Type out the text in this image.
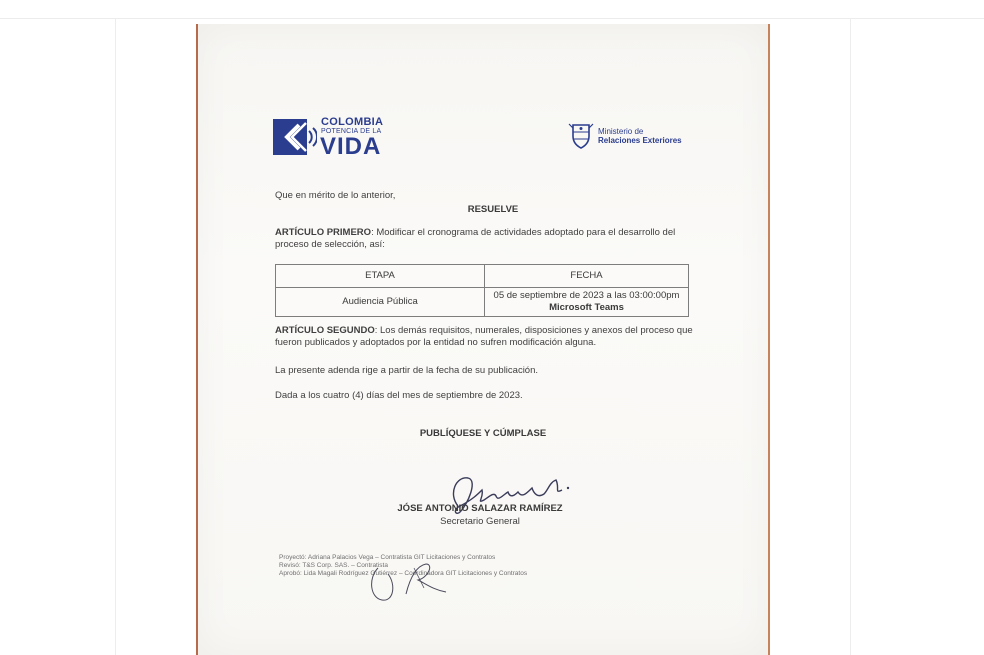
COLOMBIA
POTENCIA DE LA
VIDA
Ministerio de
Relaciones Exteriores
Que en mérito de lo anterior,
RESUELVE
ARTÍCULO PRIMERO: Modificar el cronograma de actividades adoptado para el desarrollo del
proceso de selección, así:
ETAPA	FECHA
Audiencia Pública	05 de septiembre de 2023 a las 03:00:00pm
Microsoft Teams
ARTÍCULO SEGUNDO: Los demás requisitos, numerales, disposiciones y anexos del proceso que
fueron publicados y adoptados por la entidad no sufren modificación alguna.
La presente adenda rige a partir de la fecha de su publicación.
Dada a los cuatro (4) días del mes de septiembre de 2023.
PUBLÍQUESE Y CÚMPLASE
JÓSE ANTONIO SALAZAR RAMÍREZ
Secretario General
Proyectó: Adriana Palacios Vega – Contratista GIT Licitaciones y Contratos
Revisó: T&S Corp. SAS. – Contratista
Aprobó: Lida Magali Rodríguez Gutiérrez – Coordinadora GIT Licitaciones y Contratos
